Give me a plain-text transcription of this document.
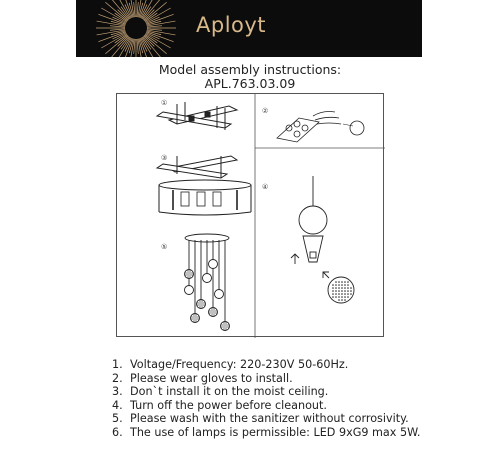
Aployt
Model assembly instructions:
APL.763.03.09
①
②
③
④
⑤
1. Voltage/Frequency: 220-230V 50-60Hz.
2. Please wear gloves to install.
3. Don`t install it on the moist ceiling.
4. Turn off the power before cleanout.
5. Please wash with the sanitizer without corrosivity.
6. The use of lamps is permissible: LED 9xG9 max 5W.
